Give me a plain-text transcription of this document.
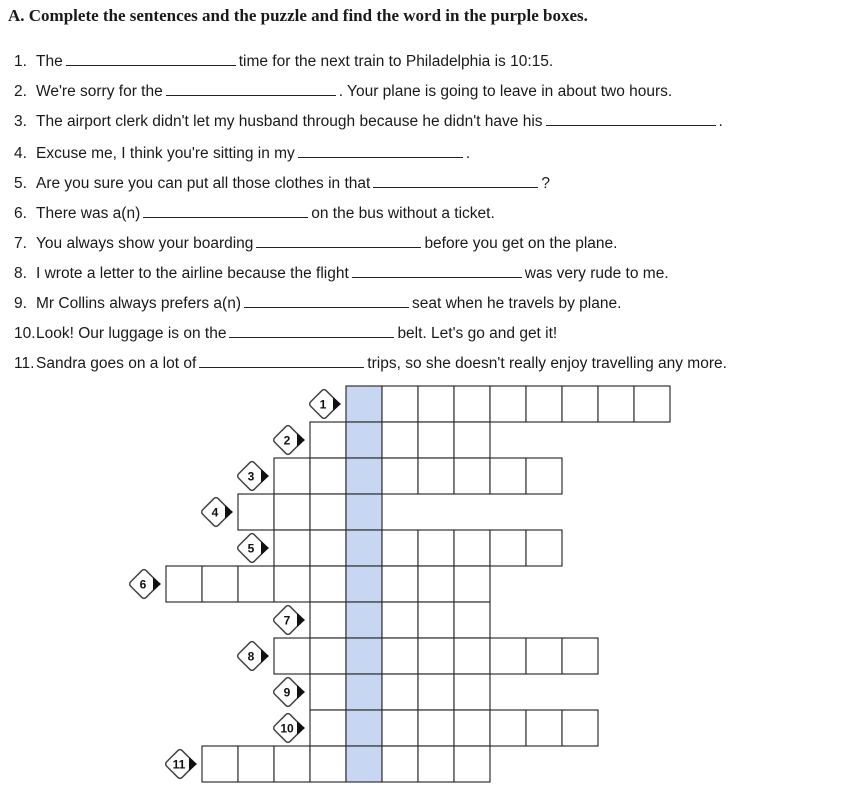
A. Complete the sentences and the puzzle and find the word in the purple boxes.
1. The	time for the next train to Philadelphia is 10:15.
2. We're sorry for the	. Your plane is going to leave in about two hours.
3. The airport clerk didn't let my husband through because he didn't have his	.
4. Excuse me, I think you're sitting in my	.
5. Are you sure you can put all those clothes in that	?
6. There was a(n)	on the bus without a ticket.
7. You always show your boarding	before you get on the plane.
8. I wrote a letter to the airline because the flight	was very rude to me.
9. Mr Collins always prefers a(n)	seat when he travels by plane.
10.Look! Our luggage is on the	belt. Let's go and get it!
11. Sandra goes on a lot of	trips, so she doesn't really enjoy travelling any more.
1
2
3
4
5
6
7
8
9
10
11
